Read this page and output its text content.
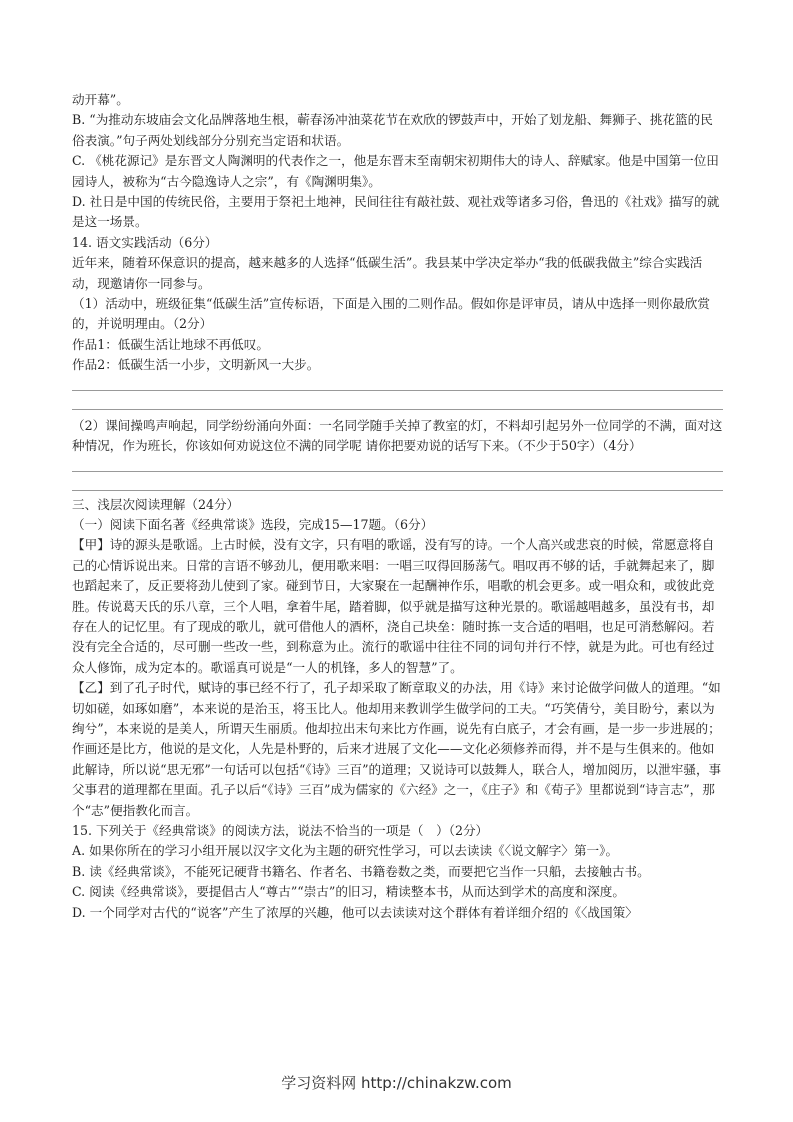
动开幕”。

B. “为推动东坡庙会文化品牌落地生根，蕲春汤冲油菜花节在欢欣的锣鼓声中，开始了划龙船、舞狮子、挑花篮的民俗表演。”句子两处划线部分分别充当定语和状语。

C. 《桃花源记》是东晋文人陶渊明的代表作之一，他是东晋末至南朝宋初期伟大的诗人、辞赋家。他是中国第一位田园诗人，被称为“古今隐逸诗人之宗”，有《陶渊明集》。

D. 社日是中国的传统民俗，主要用于祭祀土地神，民间往往有敲社鼓、观社戏等诸多习俗，鲁迅的《社戏》描写的就是这一场景。

14. 语文实践活动（6分）

近年来，随着环保意识的提高，越来越多的人选择“低碳生活”。我县某中学决定举办“我的低碳我做主”综合实践活动，现邀请你一同参与。

（1）活动中，班级征集“低碳生活”宣传标语，下面是入围的二则作品。假如你是评审员，请从中选择一则你最欣赏的，并说明理由。（2分）

作品1：低碳生活让地球不再低叹。

作品2：低碳生活一小步，文明新风一大步。

（2）课间操鸣声响起，同学纷纷涌向外面：一名同学随手关掉了教室的灯，不料却引起另外一位同学的不满，面对这种情况，作为班长，你该如何劝说这位不满的同学呢 请你把要劝说的话写下来。（不少于50字）（4分）

三、浅层次阅读理解（24分）

（一）阅读下面名著《经典常谈》选段，完成15—17题。（6分）

【甲】诗的源头是歌谣。上古时候，没有文字，只有唱的歌谣，没有写的诗。一个人高兴或悲哀的时候，常愿意将自己的心情诉说出来。日常的言语不够劲儿，便用歌来唱：一唱三叹得回肠荡气。唱叹再不够的话，手就舞起来了，脚也蹈起来了，反正要将劲儿使到了家。碰到节日，大家聚在一起酬神作乐，唱歌的机会更多。或一唱众和，或彼此竞胜。传说葛天氏的乐八章，三个人唱，拿着牛尾，踏着脚，似乎就是描写这种光景的。歌谣越唱越多，虽没有书，却存在人的记忆里。有了现成的歌儿，就可借他人的酒杯，浇自己块垒：随时拣一支合适的唱唱，也足可消愁解闷。若没有完全合适的，尽可删一些改一些，到称意为止。流行的歌谣中往往不同的词句并行不悖，就是为此。可也有经过众人修饰，成为定本的。歌谣真可说是“一人的机锋，多人的智慧”了。

【乙】到了孔子时代，赋诗的事已经不行了，孔子却采取了断章取义的办法，用《诗》来讨论做学问做人的道理。“如切如磋，如琢如磨”，本来说的是治玉，将玉比人。他却用来教训学生做学问的工夫。“巧笑倩兮，美目盼兮，素以为绚兮”，本来说的是美人，所谓天生丽质。他却拉出末句来比方作画，说先有白底子，才会有画，是一步一步进展的；作画还是比方，他说的是文化，人先是朴野的，后来才进展了文化——文化必须修养而得，并不是与生俱来的。他如此解诗，所以说“思无邪”一句话可以包括“《诗》三百”的道理；又说诗可以鼓舞人，联合人，增加阅历，以泄牢骚，事父事君的道理都在里面。孔子以后“《诗》三百”成为儒家的《六经》之一，《庄子》和《荀子》里都说到“诗言志”，那个“志”便指教化而言。

15. 下列关于《经典常谈》的阅读方法，说法不恰当的一项是（　）（2分）

A. 如果你所在的学习小组开展以汉字文化为主题的研究性学习，可以去读读《〈说文解字〉第一》。

B. 读《经典常谈》，不能死记硬背书籍名、作者名、书籍卷数之类，而要把它当作一只船，去接触古书。

C. 阅读《经典常谈》，要提倡古人“尊古”“崇古”的旧习，精读整本书，从而达到学术的高度和深度。

D. 一个同学对古代的“说客”产生了浓厚的兴趣，他可以去读读对这个群体有着详细介绍的《〈战国策〉

学习资料网 http://chinakzw.com
